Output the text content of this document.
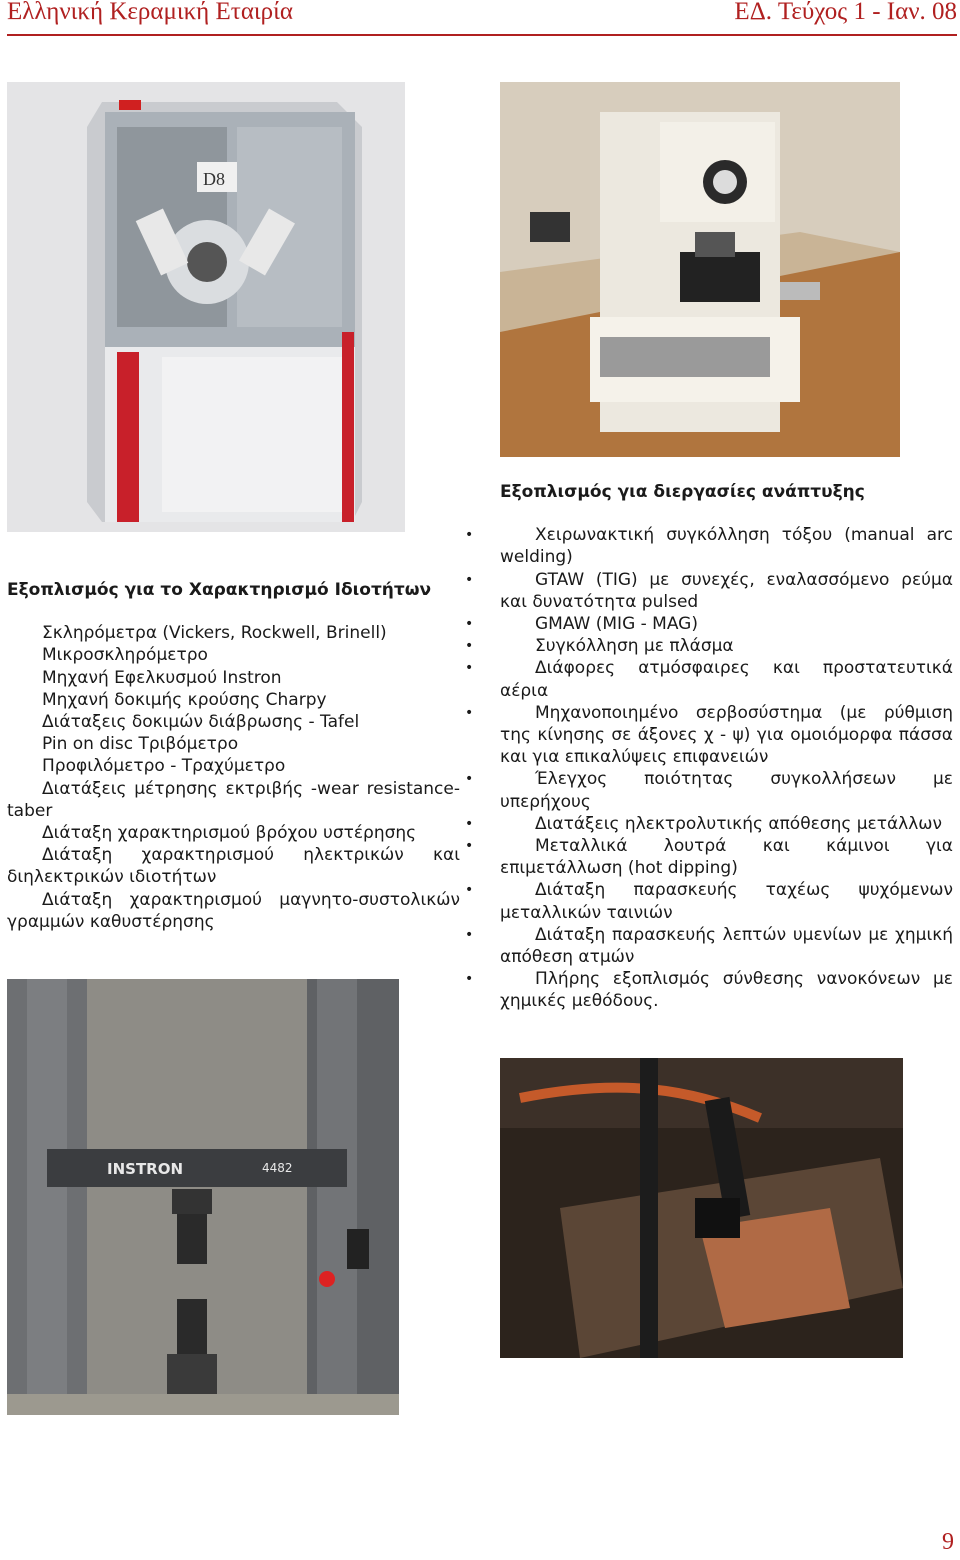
Ελληνική Κεραμική Εταιρία	ΕΔ. Τεύχος 1 - Ιαν. 08
D8
INSTRON	4482
Εξοπλισμός για το Χαρακτηρισμό Ιδιοτήτων
• Σκληρόμετρα (Vickers, Rockwell, Brinell)
• Μικροσκληρόμετρο
• Μηχανή Εφελκυσμού Instron
• Μηχανή δοκιμής κρούσης Charpy
• Διάταξεις δοκιμών διάβρωσης - Tafel
• Pin on disc Τριβόμετρο
• Προφιλόμετρο - Τραχύμετρο
• Διατάξεις μέτρησης εκτριβής -wear resistance-taber
• Διάταξη χαρακτηρισμού βρόχου υστέρησης
• Διάταξη χαρακτηρισμού ηλεκτρικών και διηλεκτρικών ιδιοτήτων
• Διάταξη χαρακτηρισμού μαγνητο-συστολικών γραμμών καθυστέρησης
Εξοπλισμός για διεργασίες ανάπτυξης
• Χειρωνακτική συγκόλληση τόξου (manual arc welding)
• GTAW (TIG) με συνεχές, εναλασσόμενο ρεύμα και δυνατότητα pulsed
• GMAW (MIG - MAG)
• Συγκόλληση με πλάσμα
• Διάφορες ατμόσφαιρες και προστατευτικά αέρια
• Μηχανοποιημένο σερβοσύστημα (με ρύθμιση της κίνησης σε άξονες χ - ψ) για ομοιόμορφα πάσσα και για επικαλύψεις επιφανειών
• Έλεγχος ποιότητας συγκολλήσεων με υπερήχους
• Διατάξεις ηλεκτρολυτικής απόθεσης μετάλλων
• Μεταλλικά λουτρά και κάμινοι για επιμετάλλωση (hot dipping)
• Διάταξη παρασκευής ταχέως ψυχόμενων μεταλλικών ταινιών
• Διάταξη παρασκευής λεπτών υμενίων με χημική απόθεση ατμών
• Πλήρης εξοπλισμός σύνθεσης νανοκόνεων με χημικές μεθόδους.
9
